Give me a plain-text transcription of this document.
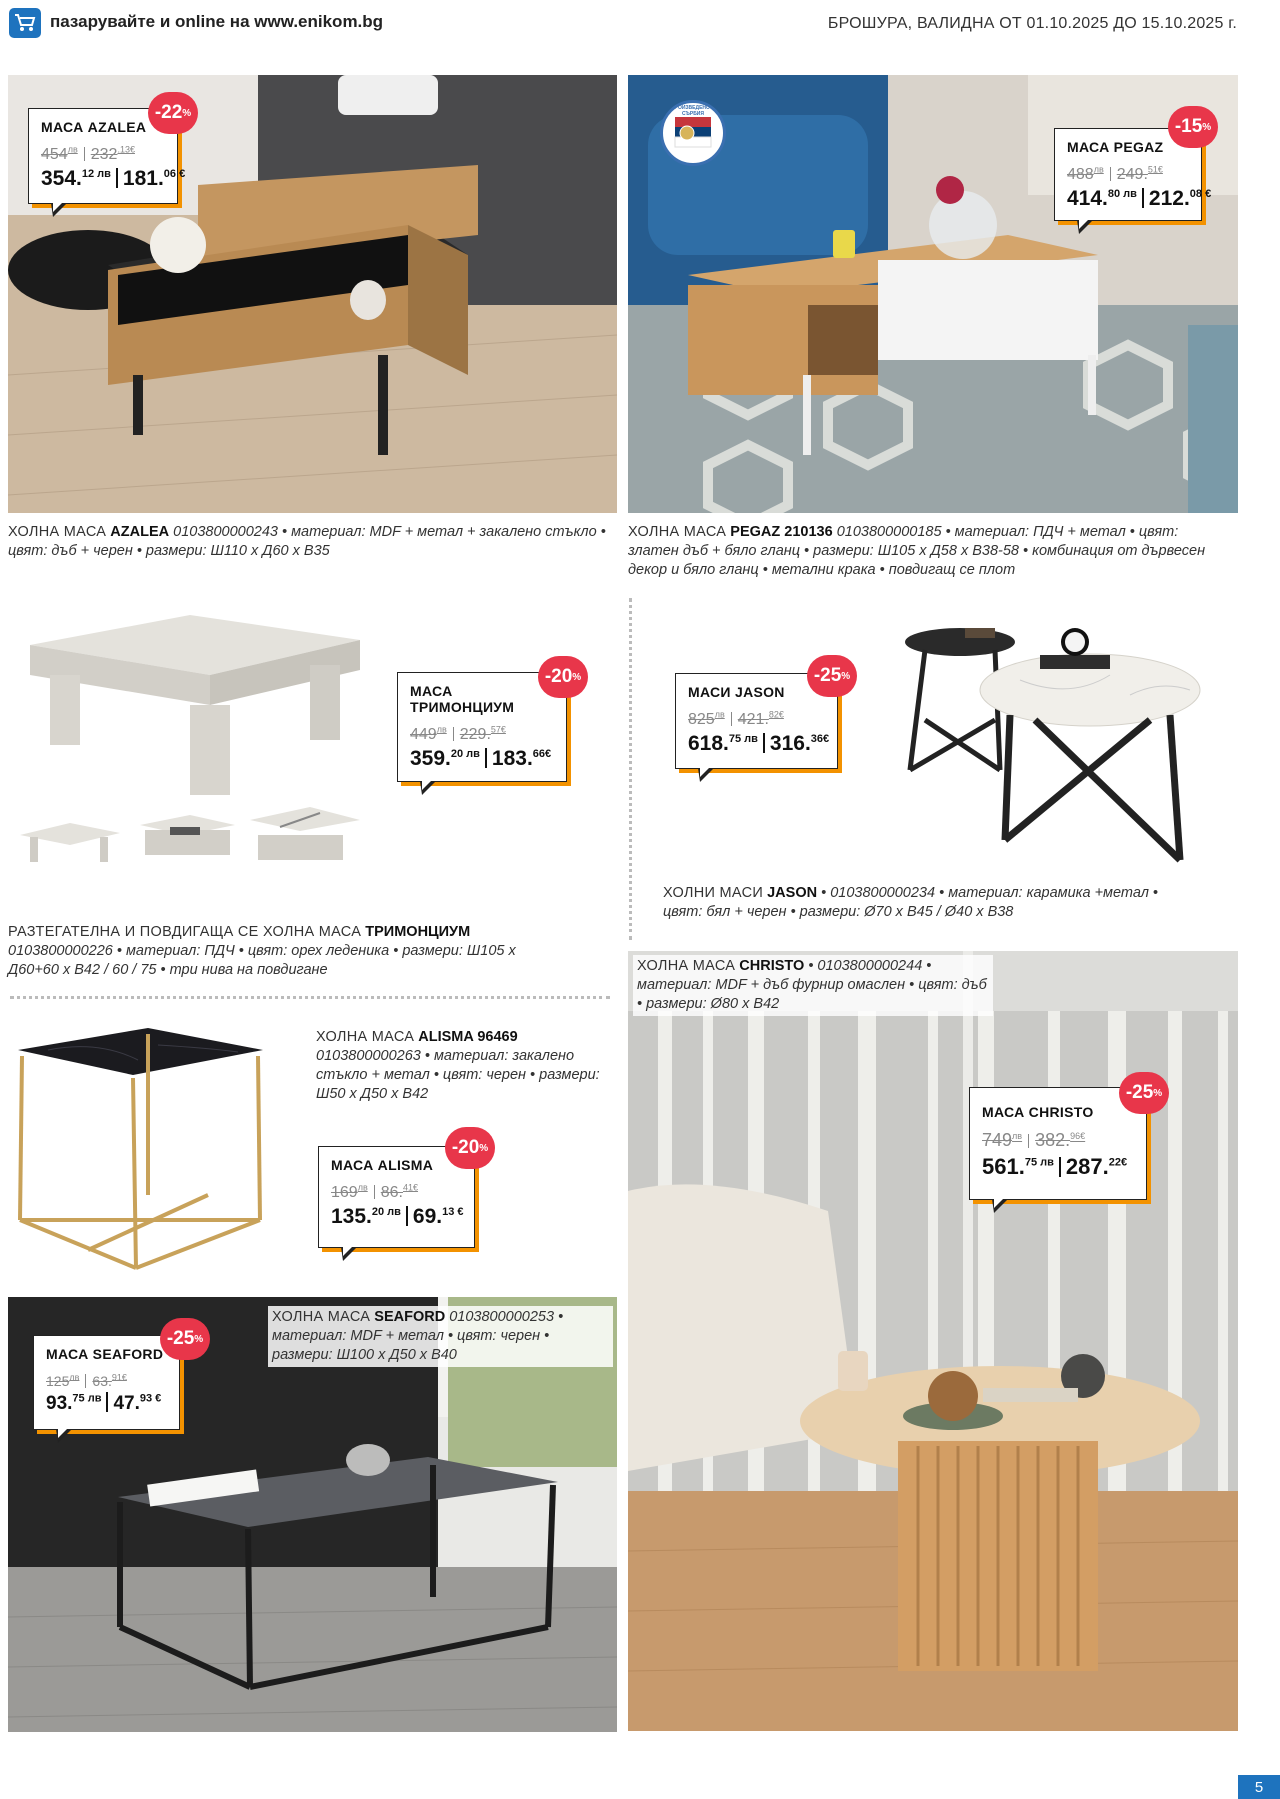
пазарувайте и online на www.enikom.bg	БРОШУРА, ВАЛИДНА ОТ 01.10.2025 ДО 15.10.2025 г.
МАСА AZALEA
$454^{лв}$ $232^{.13€}$
354.$^{12 лв}$ 181.$^{06 €}$
-22 %
ХОЛНА МАСА AZALEA 0103800000243 • материал: MDF + метал + закалено стъкло • цвят: дъб + черен • размери: Ш110 х Д60 х В35
ПРОИЗВЕДЕНО В СЪРБИЯ
МАСА PEGAZ
$488^{лв}$ 249.$^{51€}$
414.$^{80 лв}$ 212.$^{08 €}$
-15 %
ХОЛНА МАСА PEGAZ 210136 0103800000185 • материал: ПДЧ + метал • цвят: златен дъб + бяло гланц • размери: Ш105 х Д58 х В38-58 • комбинация от дървесен декор и бяло гланц • метални крака • повдигащ се плот
МАСА ТРИМОНЦИУМ
$449^{лв}$ 229.$^{57€}$
359.$^{20 лв}$ 183.$^{66€}$
-20 %
РАЗТЕГАТЕЛНА И ПОВДИГАЩА СЕ ХОЛНА МАСА ТРИМОНЦИУМ 0103800000226 • материал: ПДЧ • цвят: орех леденика • размери: Ш105 х Д60+60 х В42 / 60 / 75 • три нива на повдигане
МАСИ JASON
$825^{лв}$ 421.$^{82€}$
618.$^{75 лв}$ 316.$^{36€}$
-25 %
ХОЛНИ МАСИ JASON • 0103800000234 • материал: карамика +метал • цвят: бял + черен • размери: Ø70 х В45 / Ø40 х В38
ХОЛНА МАСА CHRISTO • 0103800000244 • материал: MDF + дъб фурнир омаслен • цвят: дъб • размери: Ø80 х В42
МАСА CHRISTO
$749^{лв}$ 382.$^{96€}$
561.$^{75 лв}$ 287.$^{22€}$
-25 %
ХОЛНА МАСА ALISMA 96469 0103800000263 • материал: закалено стъкло + метал • цвят: черен • размери: Ш50 х Д50 х В42
МАСА ALISMA
$169^{лв}$ 86.$^{41€}$
135.$^{20 лв}$ 69.$^{13 €}$
-20 %
ХОЛНА МАСА SEAFORD 0103800000253 • материал: MDF + метал • цвят: черен • размери: Ш100 х Д50 х В40
МАСА SEAFORD
$125^{лв}$ 63.$^{91€}$
93.$^{75 лв}$ 47.$^{93 €}$
-25 %
5
